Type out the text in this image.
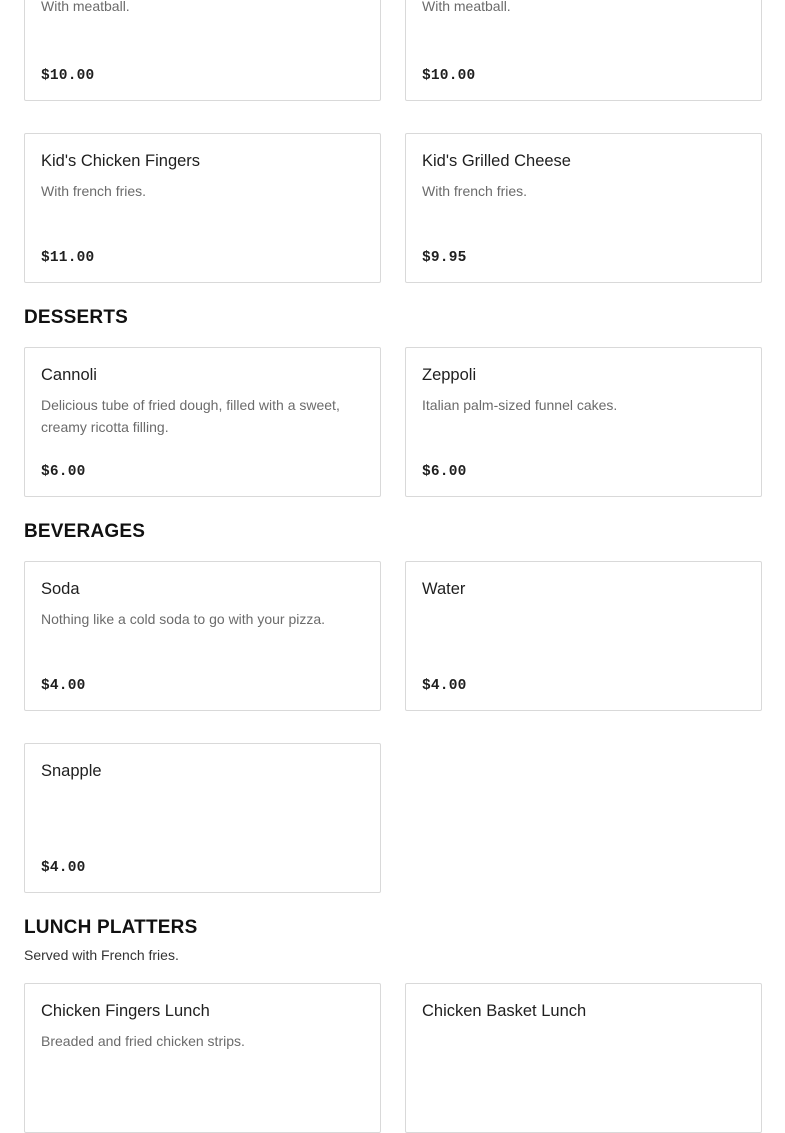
With meatball.
$10.00
With meatball.
$10.00
Kid's Chicken Fingers
With french fries.
$11.00
Kid's Grilled Cheese
With french fries.
$9.95
DESSERTS
Cannoli
Delicious tube of fried dough, filled with a sweet, creamy ricotta filling.
$6.00
Zeppoli
Italian palm-sized funnel cakes.
$6.00
BEVERAGES
Soda
Nothing like a cold soda to go with your pizza.
$4.00
Water
$4.00
Snapple
$4.00
LUNCH PLATTERS
Served with French fries.
Chicken Fingers Lunch
Breaded and fried chicken strips.
Chicken Basket Lunch
